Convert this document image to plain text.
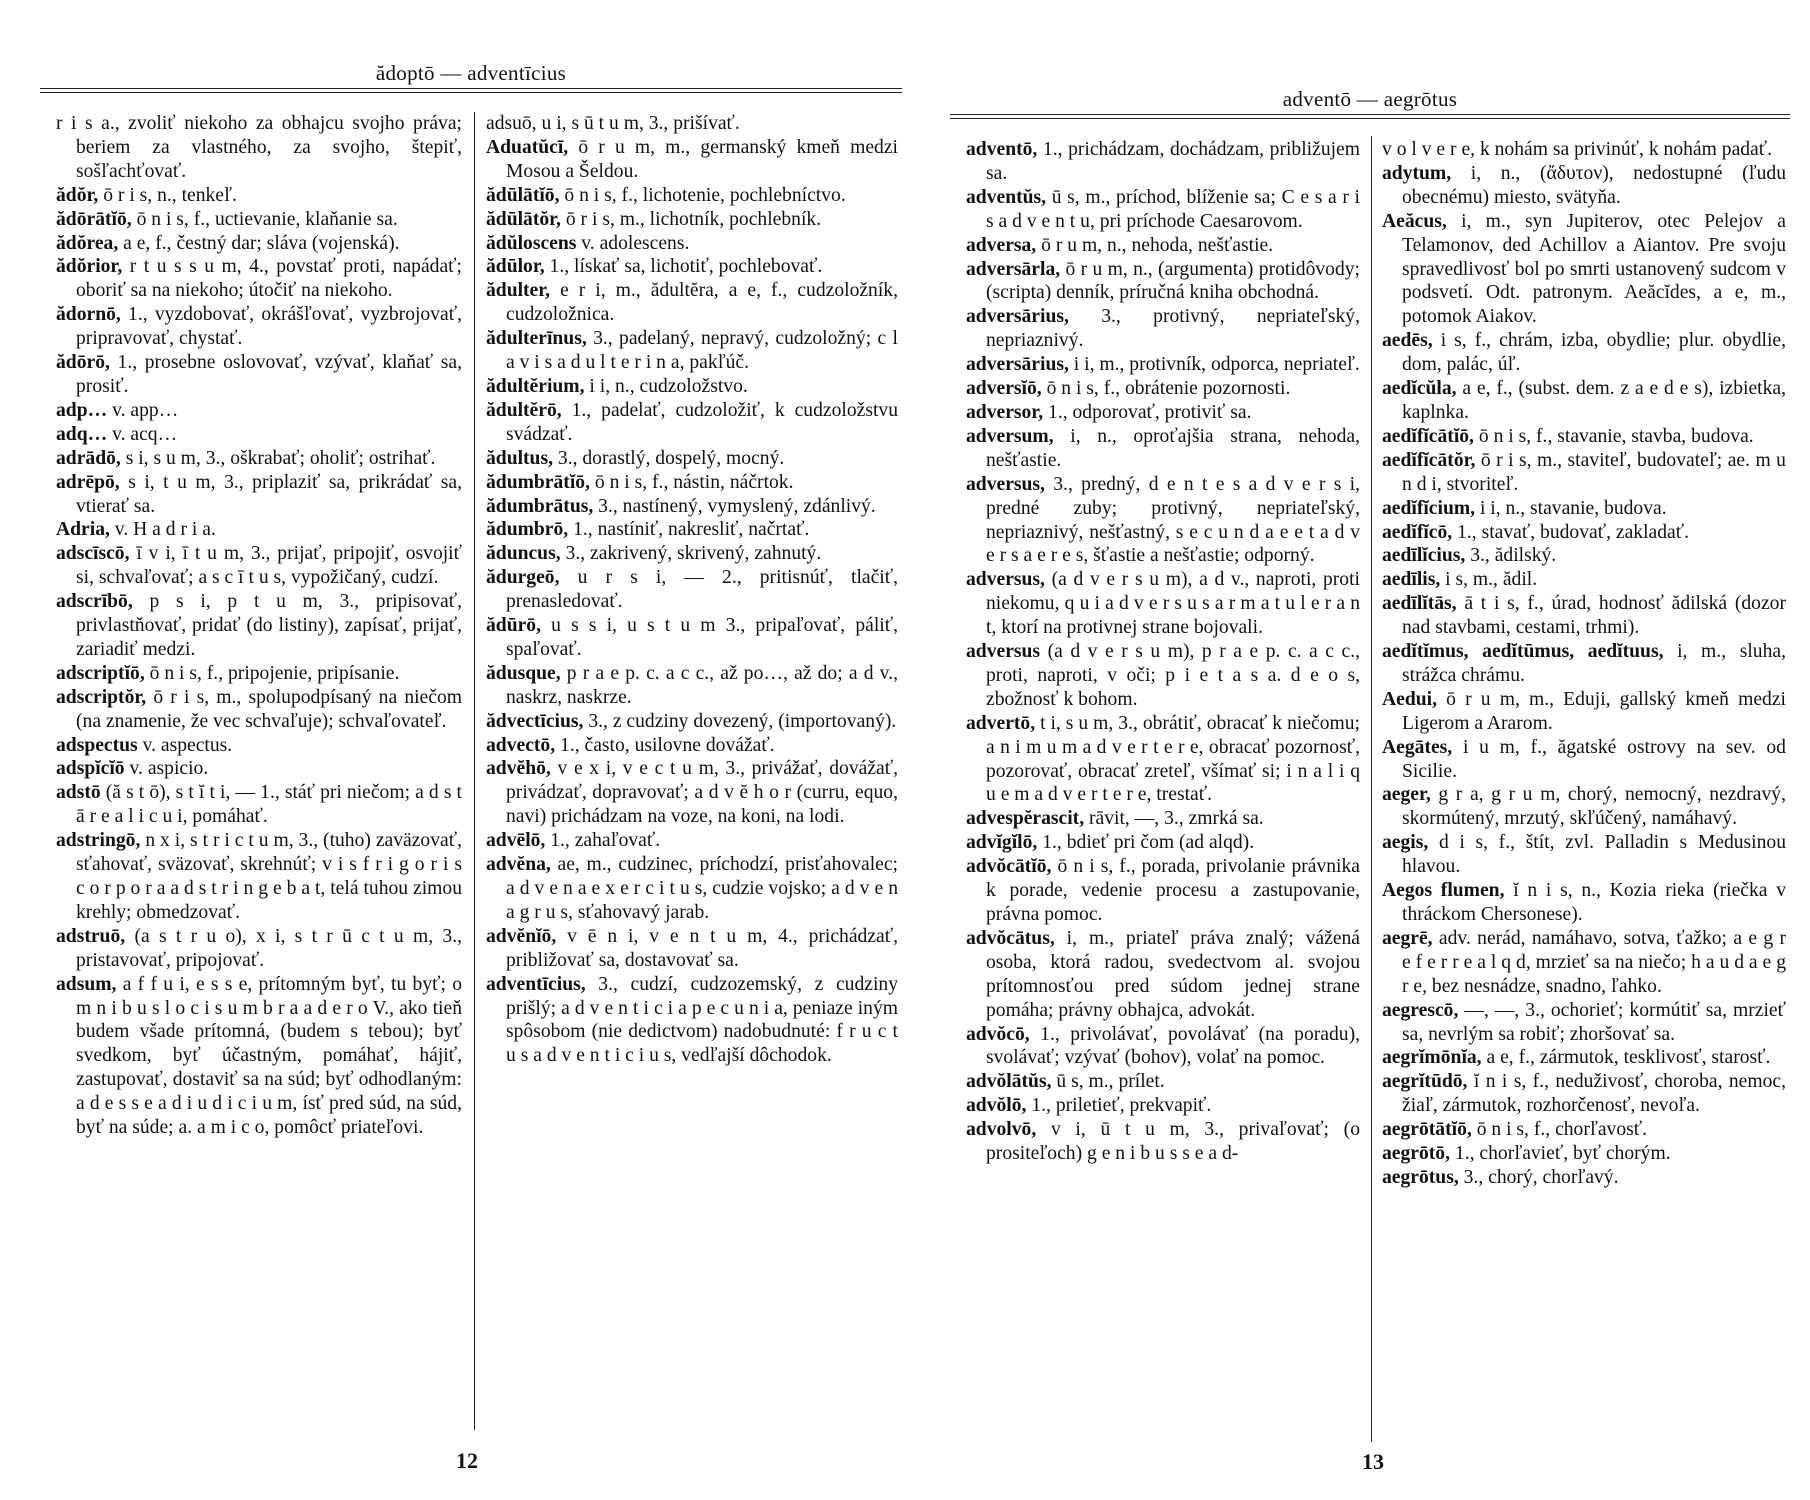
ădoptō — adventīcius

r i s a., zvoliť niekoho za obhajcu svojho práva; beriem za vlastného, za svojho, štepiť, sošľachťovať.

ădŏr, ō r i s, n., tenkeľ.

ădōrātĭō, ō n i s, f., uctievanie, klaňanie sa.

ădŏrea, a e, f., čestný dar; sláva (vojenská).

ădŏrior, r t u s s u m, 4., povstať proti, napádať; oboriť sa na niekoho; útočiť na niekoho.

ădornō, 1., vyzdobovať, okrášľovať, vyzbrojovať, pripravovať, chystať.

ădōrō, 1., prosebne oslovovať, vzývať, klaňať sa, prosiť.

adp… v. app…

adq… v. acq…

adrādō, s i, s u m, 3., oškrabať; oholiť; ostrihať.

adrēpō, s i, t u m, 3., priplaziť sa, prikrádať sa, vtierať sa.

Adria, v. H a d r i a.

adscīscō, ī v i, ī t u m, 3., prijať, pripojiť, osvojiť si, schvaľovať; a s c ī t u s, vypožičaný, cudzí.

adscrībō, p s i, p t u m, 3., pripisovať, privlastňovať, pridať (do listiny), zapísať, prijať, zariadiť medzi.

adscriptĭō, ō n i s, f., pripojenie, pripísanie.

adscriptŏr, ō r i s, m., spolupodpísaný na niečom (na znamenie, že vec schvaľuje); schvaľovateľ.

adspectus v. aspectus.

adspĭcĭō v. aspicio.

adstō (ă s t ō), s t ĭ t i, — 1., stáť pri niečom; a d s t ā r e a l i c u i, pomáhať.

adstringō, n x i, s t r i c t u m, 3., (tuho) zaväzovať, sťahovať, sväzovať, skrehnúť; v i s f r i g o r i s c o r p o r a a d s t r i n g e b a t, telá tuhou zimou krehly; obmedzovať.

adstruō, (a s t r u o), x i, s t r ū c t u m, 3., pristavovať, pripojovať.

adsum, a f f u i, e s s e, prítomným byť, tu byť; o m n i b u s l o c i s u m b r a a d e r o V., ako tieň budem všade prítomná, (budem s tebou); byť svedkom, byť účastným, pomáhať, hájiť, zastupovať, dostaviť sa na súd; byť odhodlaným: a d e s s e a d i u d i c i u m, ísť pred súd, na súd, byť na súde; a. a m i c o, pomôcť priateľovi.

adsuō, u i, s ū t u m, 3., prišívať.

Aduatŭcī, ō r u m, m., germanský kmeň medzi Mosou a Šeldou.

ădūlātĭō, ō n i s, f., lichotenie, pochlebníctvo.

ădūlātŏr, ō r i s, m., lichotník, pochlebník.

ădŭloscens v. adolescens.

ădūlor, 1., lískať sa, lichotiť, pochlebovať.

ădulter, e r i, m., ădultĕra, a e, f., cudzoložník, cudzoložnica.

ădulterīnus, 3., padelaný, nepravý, cudzoložný; c l a v i s a d u l t e r i n a, pakľúč.

ădultĕrium, i i, n., cudzoložstvo.

ădultĕrō, 1., padelať, cudzoložiť, k cudzoložstvu svádzať.

ădultus, 3., dorastlý, dospelý, mocný.

ădumbrātĭō, ō n i s, f., nástin, náčrtok.

ădumbrātus, 3., nastínený, vymyslený, zdánlivý.

ădumbrō, 1., nastíniť, nakresliť, načrtať.

ăduncus, 3., zakrivený, skrivený, zahnutý.

ădurgeō, u r s i, — 2., pritisnúť, tlačiť, prenasledovať.

ădūrō, u s s i, u s t u m 3., pripaľovať, páliť, spaľovať.

ădusque, p r a e p. c. a c c., až po…, až do; a d v., naskrz, naskrze.

ădvectīcius, 3., z cudziny dovezený, (importovaný).

advectō, 1., často, usilovne dovážať.

advĕhō, v e x i, v e c t u m, 3., privážať, dovážať, privádzať, dopravovať; a d v ĕ h o r (curru, equo, navi) prichádzam na voze, na koni, na lodi.

advēlō, 1., zahaľovať.

advĕna, ae, m., cudzinec, príchodzí, prisťahovalec; a d v e n a e x e r c i t u s, cudzie vojsko; a d v e n a g r u s, sťahovavý jarab.

advĕnĭō, v ē n i, v e n t u m, 4., prichádzať, približovať sa, dostavovať sa.

adventīcius, 3., cudzí, cudzozemský, z cudziny prišlý; a d v e n t i c i a p e c u n i a, peniaze iným spôsobom (nie dedictvom) nadobudnuté: f r u c t u s a d v e n t i c i u s, vedľajší dôchodok.

12
adventō — aegrōtus

adventō, 1., prichádzam, dochádzam, približujem sa.

adventŭs, ū s, m., príchod, blíženie sa; C e s a r i s a d v e n t u, pri príchode Caesarovom.

adversa, ō r u m, n., nehoda, nešťastie.

adversārla, ō r u m, n., (argumenta) protidôvody; (scripta) denník, príručná kniha obchodná.

adversārius, 3., protivný, nepriateľský, nepriaznivý.

adversārius, i i, m., protivník, odporca, nepriateľ.

adversĭō, ō n i s, f., obrátenie pozornosti.

adversor, 1., odporovať, protiviť sa.

adversum, i, n., oproťajšia strana, nehoda, nešťastie.

adversus, 3., predný, d e n t e s a d v e r s i, predné zuby; protivný, nepriateľský, nepriaznivý, nešťastný, s e c u n d a e e t a d v e r s a e r e s, šťastie a nešťastie; odporný.

adversus, (a d v e r s u m), a d v., naproti, proti niekomu, q u i a d v e r s u s a r m a t u l e r a n t, ktorí na protivnej strane bojovali.

adversus (a d v e r s u m), p r a e p. c. a c c., proti, naproti, v oči; p i e t a s a. d e o s, zbožnosť k bohom.

advertō, t i, s u m, 3., obrátiť, obracať k niečomu; a n i m u m a d v e r t e r e, obracať pozornosť, pozorovať, obracať zreteľ, všímať si; i n a l i q u e m a d v e r t e r e, trestať.

advespĕrascit, rāvit, —, 3., zmrká sa.

advĭgĭlō, 1., bdieť pri čom (ad alqd).

advŏcātĭō, ō n i s, f., porada, privolanie právnika k porade, vedenie procesu a zastupovanie, právna pomoc.

advŏcātus, i, m., priateľ práva znalý; vážená osoba, ktorá radou, svedectvom al. svojou prítomnosťou pred súdom jednej strane pomáha; právny obhajca, advokát.

advŏcō, 1., privolávať, povolávať (na poradu), svolávať; vzývať (bohov), volať na pomoc.

advŏlātŭs, ū s, m., prílet.

advŏlō, 1., priletieť, prekvapiť.

advolvō, v i, ū t u m, 3., privaľovať; (o prositeľoch) g e n i b u s s e a d-

v o l v e r e, k nohám sa privinúť, k nohám padať.

adytum, i, n., (ἄδυτον), nedostupné (ľudu obecnému) miesto, svätyňa.

Aeăcus, i, m., syn Jupiterov, otec Pelejov a Telamonov, ded Achillov a Aiantov. Pre svoju spravedlivosť bol po smrti ustanovený sudcom v podsvetí. Odt. patronym. Aeăcĭdes, a e, m., potomok Aiakov.

aedēs, i s, f., chrám, izba, obydlie; plur. obydlie, dom, palác, úľ.

aedĭcŭla, a e, f., (subst. dem. z a e d e s), izbietka, kaplnka.

aedĭfĭcātĭō, ō n i s, f., stavanie, stavba, budova.

aedĭfĭcātŏr, ō r i s, m., staviteľ, budovateľ; ae. m u n d i, stvoriteľ.

aedĭfĭcium, i i, n., stavanie, budova.

aedĭfĭcō, 1., stavať, budovať, zakladať.

aedīlĭcius, 3., ădilský.

aedīlis, i s, m., ădil.

aedīlĭtās, ā t i s, f., úrad, hodnosť ădilská (dozor nad stavbami, cestami, trhmi).

aedĭtĭmus, aedĭtūmus, aedĭtuus, i, m., sluha, strážca chrámu.

Aedui, ō r u m, m., Eduji, gallský kmeň medzi Ligerom a Ararom.

Aegātes, i u m, f., ăgatské ostrovy na sev. od Sicilie.

aeger, g r a, g r u m, chorý, nemocný, nezdravý, skormútený, mrzutý, skľúčený, namáhavý.

aegis, d i s, f., štít, zvl. Palladin s Medusinou hlavou.

Aegos flumen, ĭ n i s, n., Kozia rieka (riečka v thráckom Chersonese).

aegrē, adv. nerád, namáhavo, sotva, ťažko; a e g r e f e r r e a l q d, mrzieť sa na niečo; h a u d a e g r e, bez nesnádze, snadno, ľahko.

aegrescō, —, —, 3., ochorieť; kormútiť sa, mrzieť sa, nevrlým sa robiť; zhoršovať sa.

aegrĭmōnĭa, a e, f., zármutok, tesklivosť, starosť.

aegrĭtūdō, ĭ n i s, f., neduživosť, choroba, nemoc, žiaľ, zármutok, rozhorčenosť, nevoľa.

aegrōtātĭō, ō n i s, f., chorľavosť.

aegrōtō, 1., chorľavieť, byť chorým.

aegrōtus, 3., chorý, chorľavý.

13
